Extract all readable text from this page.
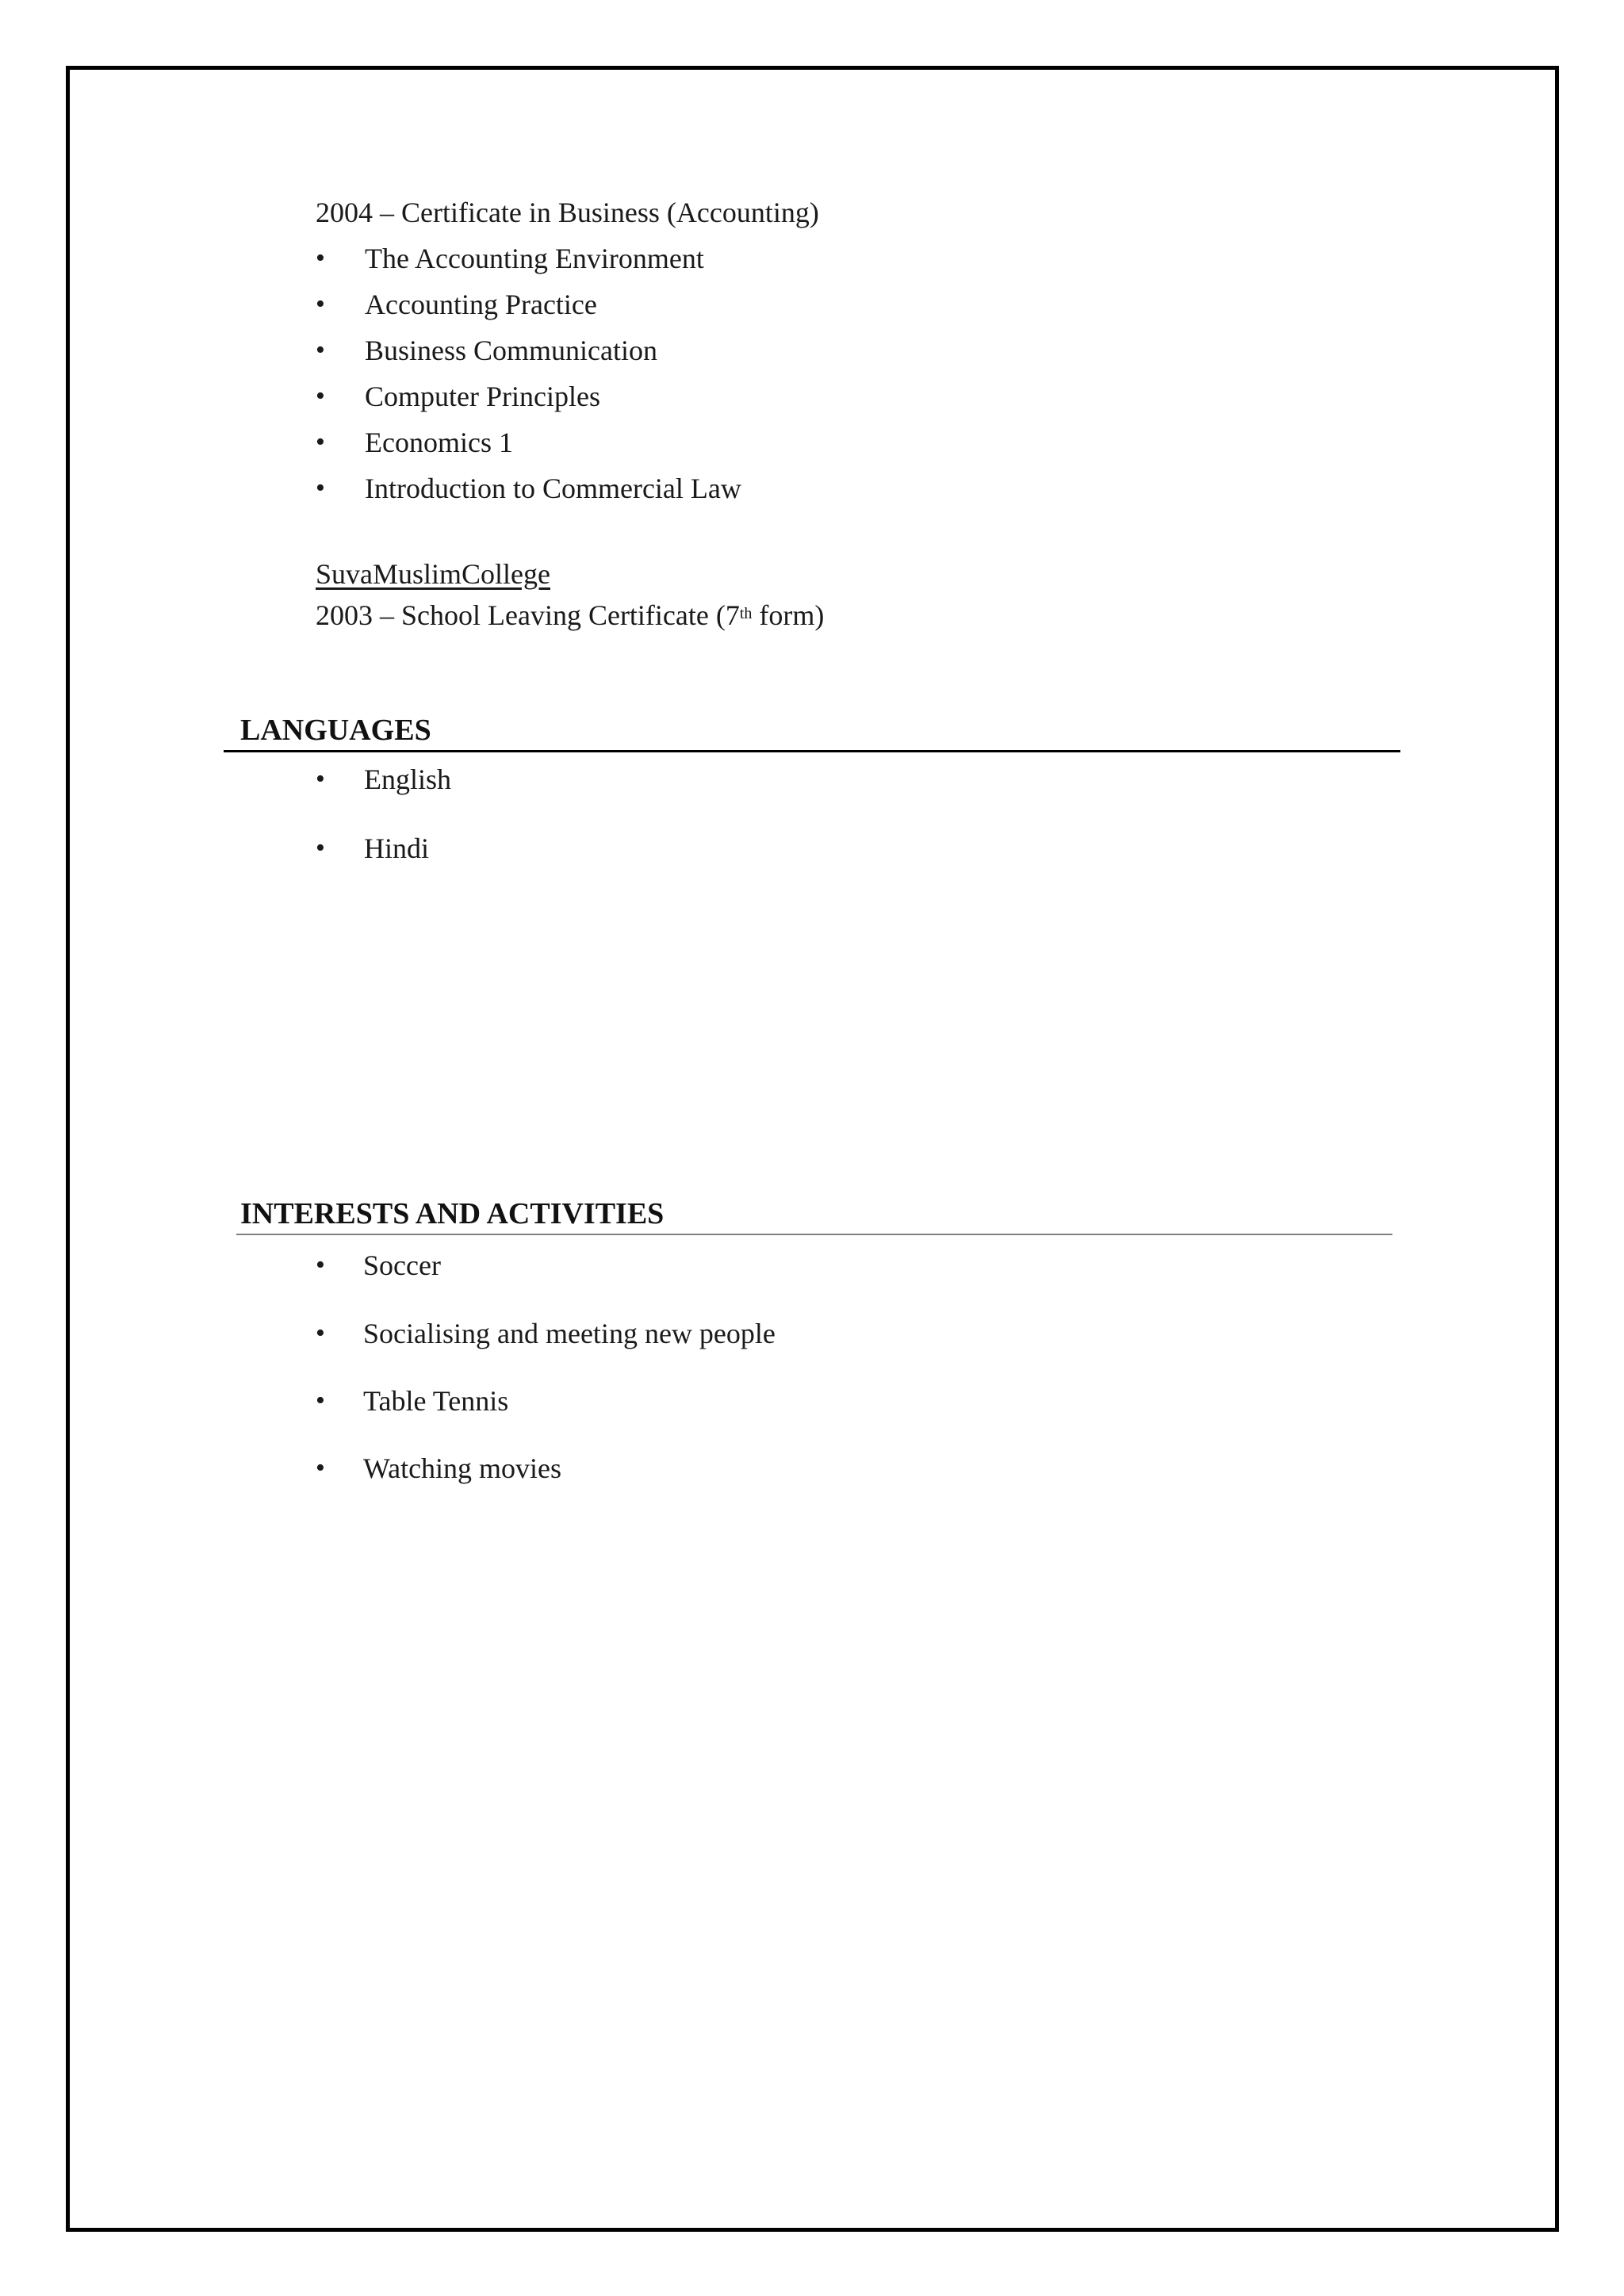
2004 – Certificate in Business (Accounting)
• The Accounting Environment
• Accounting Practice
• Business Communication
• Computer Principles
• Economics 1
• Introduction to Commercial Law
SuvaMuslimCollege
2003 – School Leaving Certificate (7th form)
LANGUAGES
• English
• Hindi
INTERESTS AND ACTIVITIES
• Soccer
• Socialising and meeting new people
• Table Tennis
• Watching movies
